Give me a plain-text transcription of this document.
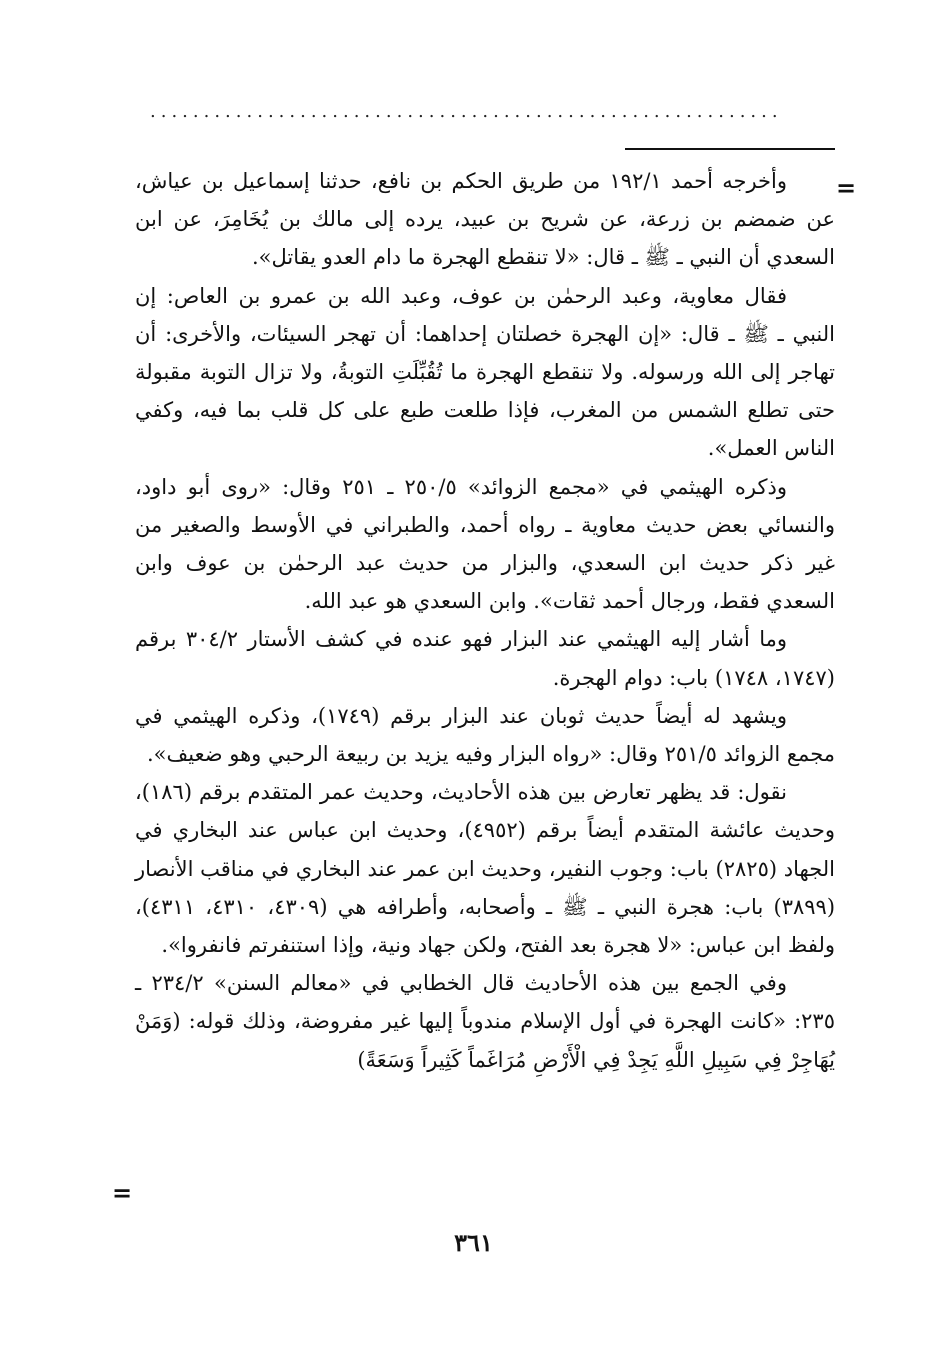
...........................................................
=

وأخرجه أحمد ١٩٢/١ من طريق الحكم بن نافع، حدثنا إسماعيل بن عياش، عن ضمضم بن زرعة، عن شريح بن عبيد، يرده إلى مالك بن يُخَامِرَ، عن ابن السعدي أن النبي ـ ﷺ ـ قال: «لا تنقطع الهجرة ما دام العدو يقاتل».

فقال معاوية، وعبد الرحمٰن بن عوف، وعبد الله بن عمرو بن العاص: إن النبي ـ ﷺ ـ قال: «إن الهجرة خصلتان إحداهما: أن تهجر السيئات، والأخرى: أن تهاجر إلى الله ورسوله. ولا تنقطع الهجرة ما تُقُبِّلَتِ التوبةُ، ولا تزال التوبة مقبولة حتى تطلع الشمس من المغرب، فإذا طلعت طبع على كل قلب بما فيه، وكفي الناس العمل».

وذكره الهيثمي في «مجمع الزوائد» ٢٥٠/٥ ـ ٢٥١ وقال: «روى أبو داود، والنسائي بعض حديث معاوية ـ رواه أحمد، والطبراني في الأوسط والصغير من غير ذكر حديث ابن السعدي، والبزار من حديث عبد الرحمٰن بن عوف وابن السعدي فقط، ورجال أحمد ثقات». وابن السعدي هو عبد الله.

وما أشار إليه الهيثمي عند البزار فهو عنده في كشف الأستار ٣٠٤/٢ برقم (١٧٤٧، ١٧٤٨) باب: دوام الهجرة.

ويشهد له أيضاً حديث ثوبان عند البزار برقم (١٧٤٩)، وذكره الهيثمي في مجمع الزوائد ٢٥١/٥ وقال: «رواه البزار وفيه يزيد بن ربيعة الرحبي وهو ضعيف».

نقول: قد يظهر تعارض بين هذه الأحاديث، وحديث عمر المتقدم برقم (١٨٦)، وحديث عائشة المتقدم أيضاً برقم (٤٩٥٢)، وحديث ابن عباس عند البخاري في الجهاد (٢٨٢٥) باب: وجوب النفير، وحديث ابن عمر عند البخاري في مناقب الأنصار (٣٨٩٩) باب: هجرة النبي ـ ﷺ ـ وأصحابه، وأطرافه هي (٤٣٠٩، ٤٣١٠، ٤٣١١)، ولفظ ابن عباس: «لا هجرة بعد الفتح، ولكن جهاد ونية، وإذا استنفرتم فانفروا».

وفي الجمع بين هذه الأحاديث قال الخطابي في «معالم السنن» ٢٣٤/٢ ـ ٢٣٥: «كانت الهجرة في أول الإسلام مندوباً إليها غير مفروضة، وذلك قوله: (وَمَنْ يُهَاجِرْ فِي سَبِيلِ اللَّهِ يَجِدْ فِي الْأَرْضِ مُرَاغَماً كَثِيراً وَسَعَةً)

=
٣٦١
